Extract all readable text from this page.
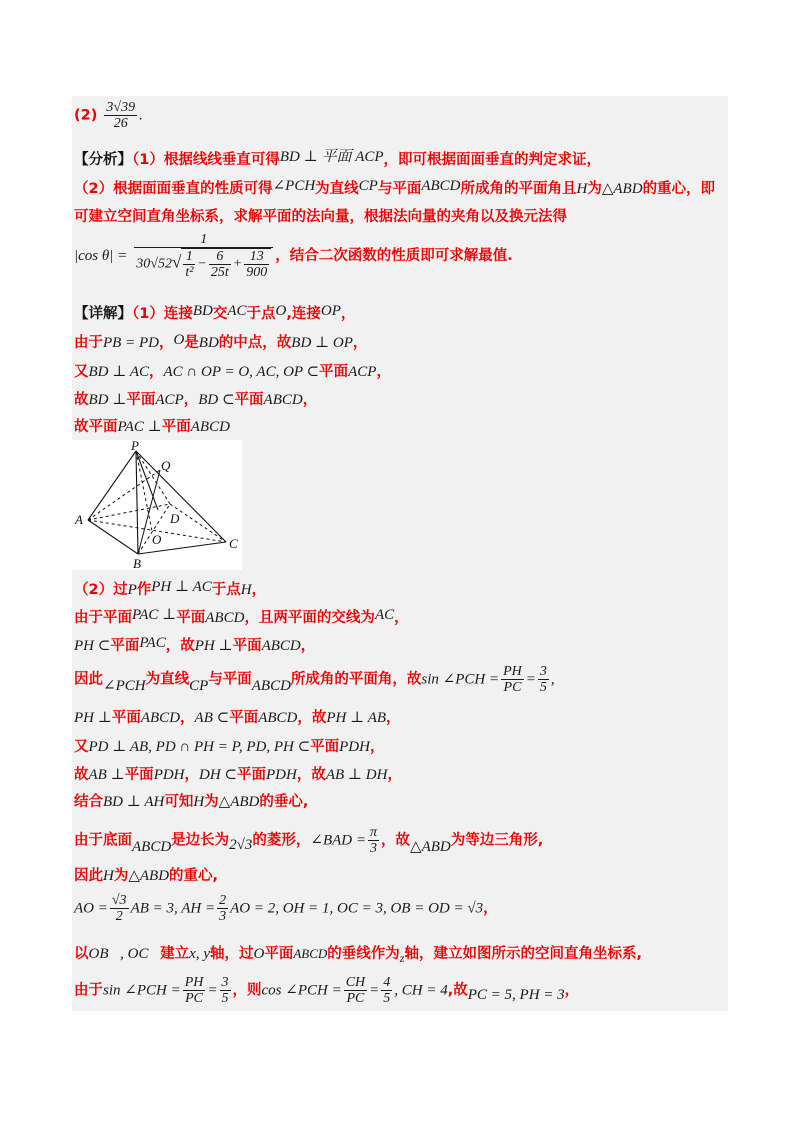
$(2) \frac{3√39}{26}$ .
【分析】（1）根据线线垂直可得BD ⊥ 平面 ACP，即可根据面面垂直的判定求证，
（2）根据面面垂直的性质可得∠PCH为直线CP与平面ABCD所成角的平面角且H为△ABD的重心，即
可建立空间直角坐标系，求解平面的法向量，根据法向量的夹角以及换元法得
|cos $\theta| = \frac{1}{30√52√ \frac{1}{\text{t²}} - \frac{6}{25t} + \frac{13}{900}}$ ，结合二次函数的性质即可求解最值.
【详解】（1）连接BD交AC于点O,连接OP，
由于PB = PD，O是BD的中点，故BD ⊥ OP，
又BD ⊥ AC，AC ∩ OP = O, AC, OP ⊂平面ACP，
故BD ⊥平面ACP，BD ⊂平面ABCD，
故平面PAC ⊥平面ABCD
P
Q
A	D
O
B
C
（2）过P作PH ⊥ AC于点H，
由于平面PAC ⊥平面ABCD，且两平面的交线为AC，
PH ⊂平面PAC，故PH ⊥平面ABCD，
因此∠PCH为直线CP与平面ABCD所成角的平面角，故sin ∠PCH = $\frac{PH}{PC} = \frac{3}{5}$ ,
PH ⊥平面ABCD，AB ⊂平面ABCD，故PH ⊥ AB，
又PD ⊥ AB, PD ∩ PH = P, PD, PH ⊂平面PDH，
故AB ⊥平面PDH，DH ⊂平面PDH，故AB ⊥ DH，
结合BD ⊥ AH可知H为△ABD的垂心,
由于底面ABCD是边长为2√3的菱形，∠BAD = $\frac{\pi}{3}$ ，故△ABD为等边三角形,
因此H为△ABD的重心,
AO = $\frac{√3}{2}$ AB = 3, AH = $\frac{2}{3}$ AO = 2, OH = 1, OC = 3, OB = OD = √3，
以OB⃗, OC⃗建立x, y轴，过O平面ABCD的垂线作为$_z$轴，建立如图所示的空间直角坐标系,
由于sin ∠PCH = $\frac{PH}{PC} = \frac{3}{5}$ ，则cos ∠PCH = $\frac{CH}{PC} = \frac{4}{5}$ , CH = 4,故PC = 5, PH = 3，
